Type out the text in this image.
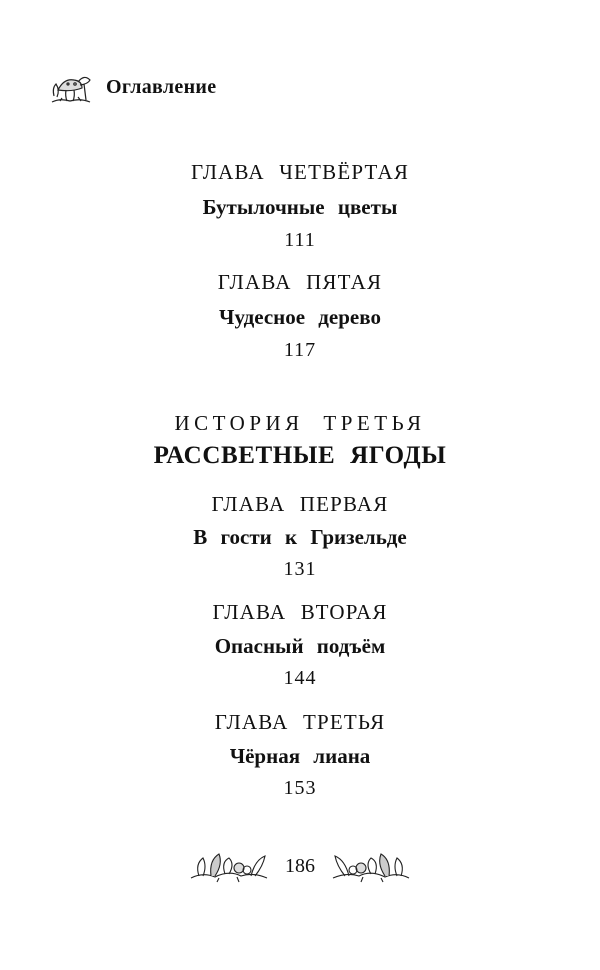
Оглавление
ГЛАВА ЧЕТВЁРТАЯ
Бутылочные цветы
111
ГЛАВА ПЯТАЯ
Чудесное дерево
117
ИСТОРИЯ ТРЕТЬЯ
РАССВЕТНЫЕ ЯГОДЫ
ГЛАВА ПЕРВАЯ
В гости к Гризельде
131
ГЛАВА ВТОРАЯ
Опасный подъём
144
ГЛАВА ТРЕТЬЯ
Чёрная лиана
153
186
